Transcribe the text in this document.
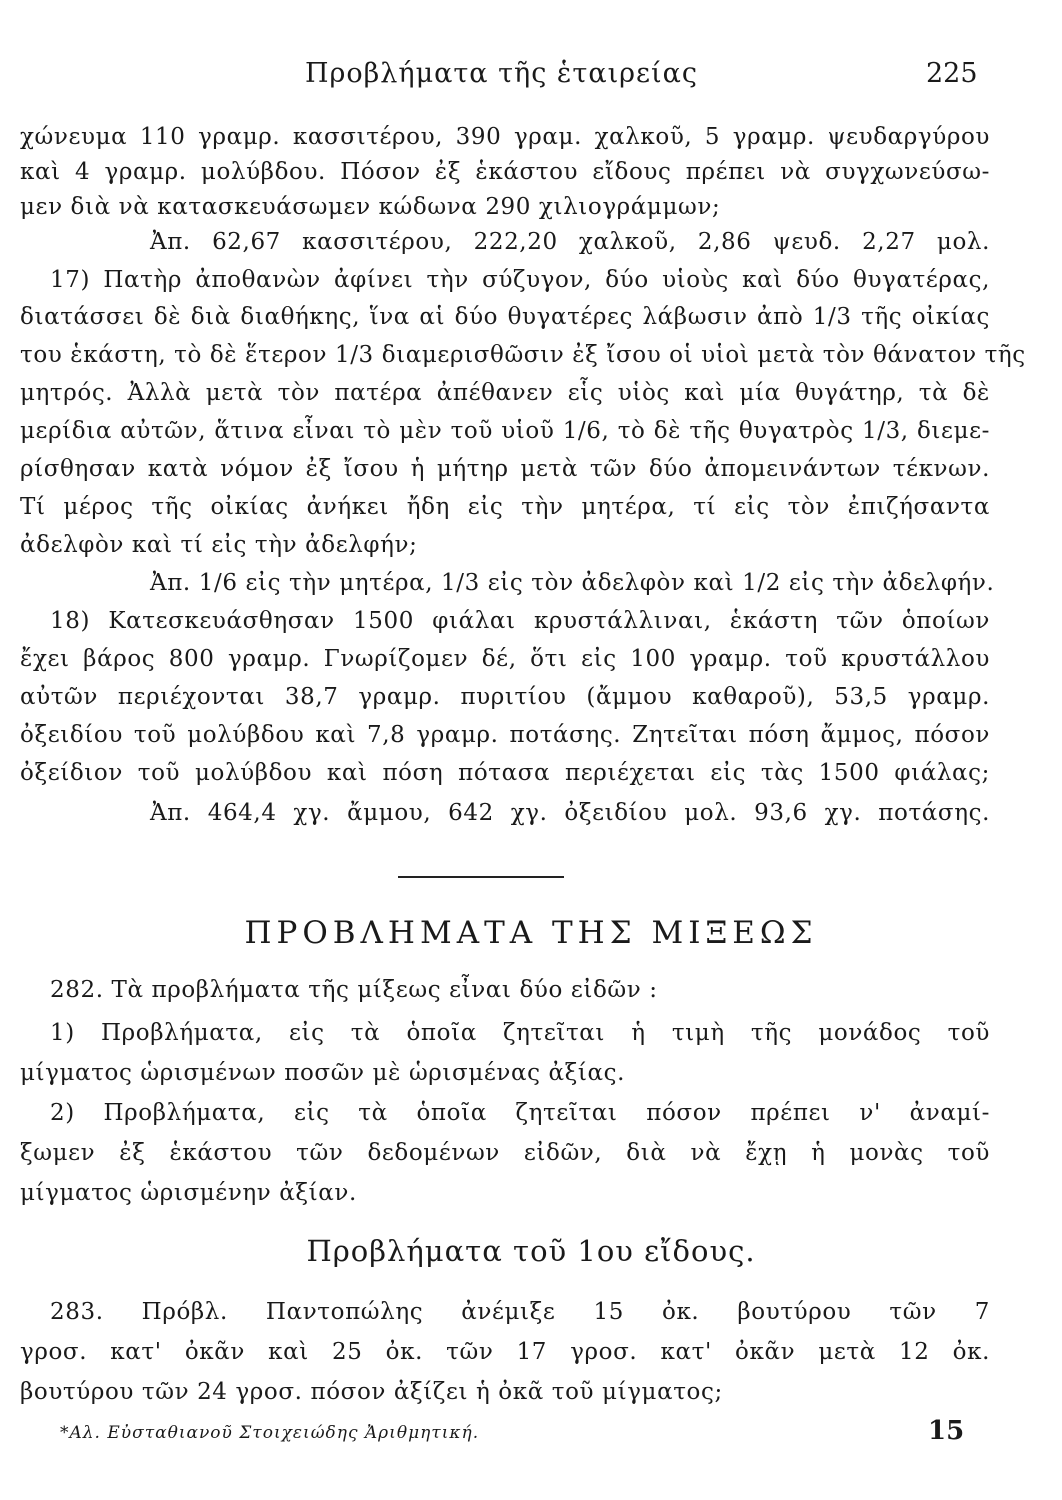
Προβλήματα τῆς ἑταιρείας	225
χώνευμα 110 γραμρ. κασσιτέρου, 390 γραμ. χαλκοῦ, 5 γραμρ. ψευδαργύρου
καὶ 4 γραμρ. μολύβδου. Πόσον ἐξ ἑκάστου εἴδους πρέπει νὰ συγχωνεύσω-
μεν διὰ νὰ κατασκευάσωμεν κώδωνα 290 χιλιογράμμων;
Ἀπ. 62,67 κασσιτέρου, 222,20 χαλκοῦ, 2,86 ψευδ. 2,27 μολ.
17) Πατὴρ ἀποθανὼν ἀφίνει τὴν σύζυγον, δύο υἱοὺς καὶ δύο θυγατέρας,
διατάσσει δὲ διὰ διαθήκης, ἵνα αἱ δύο θυγατέρες λάβωσιν ἀπὸ 1/3 τῆς οἰκίας
του ἑκάστη, τὸ δὲ ἕτερον 1/3 διαμερισθῶσιν ἐξ ἴσου οἱ υἱοὶ μετὰ τὸν θάνατον τῆς
μητρός. Ἀλλὰ μετὰ τὸν πατέρα ἀπέθανεν εἷς υἱὸς καὶ μία θυγάτηρ, τὰ δὲ
μερίδια αὐτῶν, ἅτινα εἶναι τὸ μὲν τοῦ υἱοῦ 1/6, τὸ δὲ τῆς θυγατρὸς 1/3, διεμε-
ρίσθησαν κατὰ νόμον ἐξ ἴσου ἡ μήτηρ μετὰ τῶν δύο ἀπομεινάντων τέκνων.
Τί μέρος τῆς οἰκίας ἀνήκει ἤδη εἰς τὴν μητέρα, τί εἰς τὸν ἐπιζήσαντα
ἀδελφὸν καὶ τί εἰς τὴν ἀδελφήν;
Ἀπ. 1/6 εἰς τὴν μητέρα, 1/3 εἰς τὸν ἀδελφὸν καὶ 1/2 εἰς τὴν ἀδελφήν.
18) Κατεσκευάσθησαν 1500 φιάλαι κρυστάλλιναι, ἑκάστη τῶν ὁποίων
ἔχει βάρος 800 γραμρ. Γνωρίζομεν δέ, ὅτι εἰς 100 γραμρ. τοῦ κρυστάλλου
αὐτῶν περιέχονται 38,7 γραμρ. πυριτίου (ἄμμου καθαροῦ), 53,5 γραμρ.
ὀξειδίου τοῦ μολύβδου καὶ 7,8 γραμρ. ποτάσης. Ζητεῖται πόση ἄμμος, πόσον
ὀξείδιον τοῦ μολύβδου καὶ πόση πότασα περιέχεται εἰς τὰς 1500 φιάλας;
Ἀπ. 464,4 χγ. ἄμμου, 642 χγ. ὀξειδίου μολ. 93,6 χγ. ποτάσης.
ΠΡΟΒΛΗΜΑΤΑ ΤΗΣ ΜΙΞΕΩΣ
282. Τὰ προβλήματα τῆς μίξεως εἶναι δύο εἰδῶν :
1) Προβλήματα, εἰς τὰ ὁποῖα ζητεῖται ἡ τιμὴ τῆς μονάδος τοῦ
μίγματος ὡρισμένων ποσῶν μὲ ὡρισμένας ἀξίας.
2) Προβλήματα, εἰς τὰ ὁποῖα ζητεῖται πόσον πρέπει ν' ἀναμί-
ξωμεν ἐξ ἑκάστου τῶν δεδομένων εἰδῶν, διὰ νὰ ἔχῃ ἡ μονὰς τοῦ
μίγματος ὡρισμένην ἀξίαν.
Προβλήματα τοῦ 1ου εἴδους.
283. Πρόβλ. Παντοπώλης ἀνέμιξε 15 ὀκ. βουτύρου τῶν 7
γροσ. κατ' ὀκᾶν καὶ 25 ὀκ. τῶν 17 γροσ. κατ' ὀκᾶν μετὰ 12 ὀκ.
βουτύρου τῶν 24 γροσ. πόσον ἀξίζει ἡ ὀκᾶ τοῦ μίγματος;
*Αλ. Εὐσταθιανοῦ Στοιχειώδης Ἀριθμητική.	15
